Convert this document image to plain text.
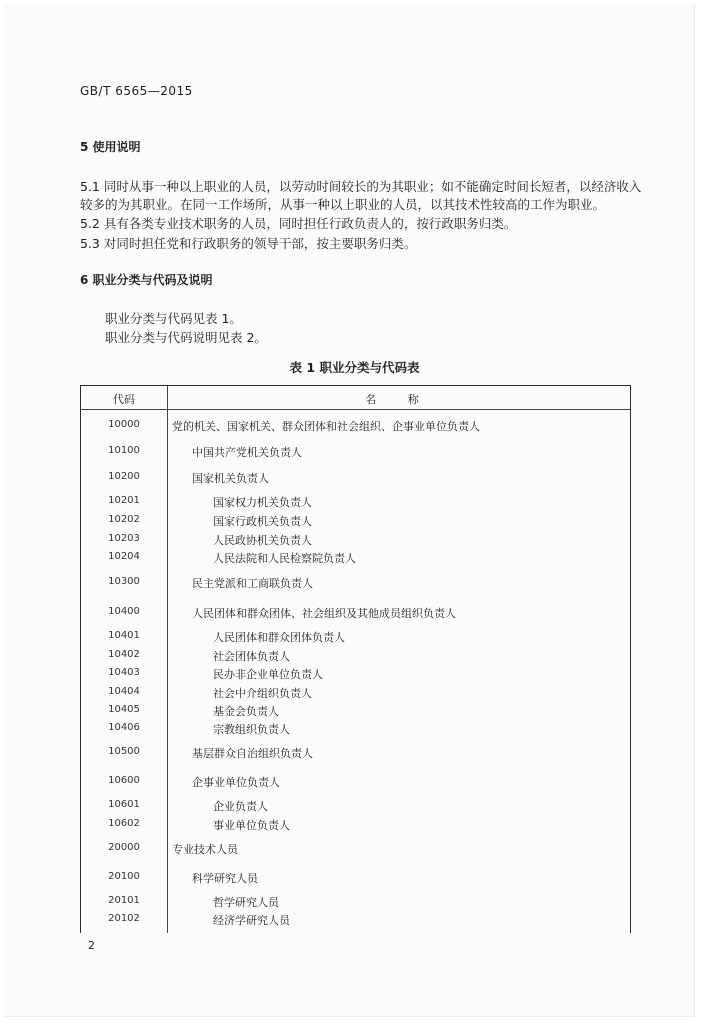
GB/T 6565—2015
5 使用说明
5.1 同时从事一种以上职业的人员，以劳动时间较长的为其职业；如不能确定时间长短者，以经济收入
较多的为其职业。在同一工作场所，从事一种以上职业的人员，以其技术性较高的工作为职业。
5.2 具有各类专业技术职务的人员，同时担任行政负责人的，按行政职务归类。
5.3 对同时担任党和行政职务的领导干部，按主要职务归类。
6 职业分类与代码及说明
职业分类与代码见表 1。
职业分类与代码说明见表 2。
表 1 职业分类与代码表
代码	名 称
10000	党的机关、国家机关、群众团体和社会组织、企事业单位负责人
10100	中国共产党机关负责人
10200	国家机关负责人
10201	国家权力机关负责人
10202	国家行政机关负责人
10203	人民政协机关负责人
10204	人民法院和人民检察院负责人
10300	民主党派和工商联负责人
10400	人民团体和群众团体、社会组织及其他成员组织负责人
10401	人民团体和群众团体负责人
10402	社会团体负责人
10403	民办非企业单位负责人
10404	社会中介组织负责人
10405	基金会负责人
10406	宗教组织负责人
10500	基层群众自治组织负责人
10600	企事业单位负责人
10601	企业负责人
10602	事业单位负责人
20000	专业技术人员
20100	科学研究人员
20101	哲学研究人员
20102	经济学研究人员
2
